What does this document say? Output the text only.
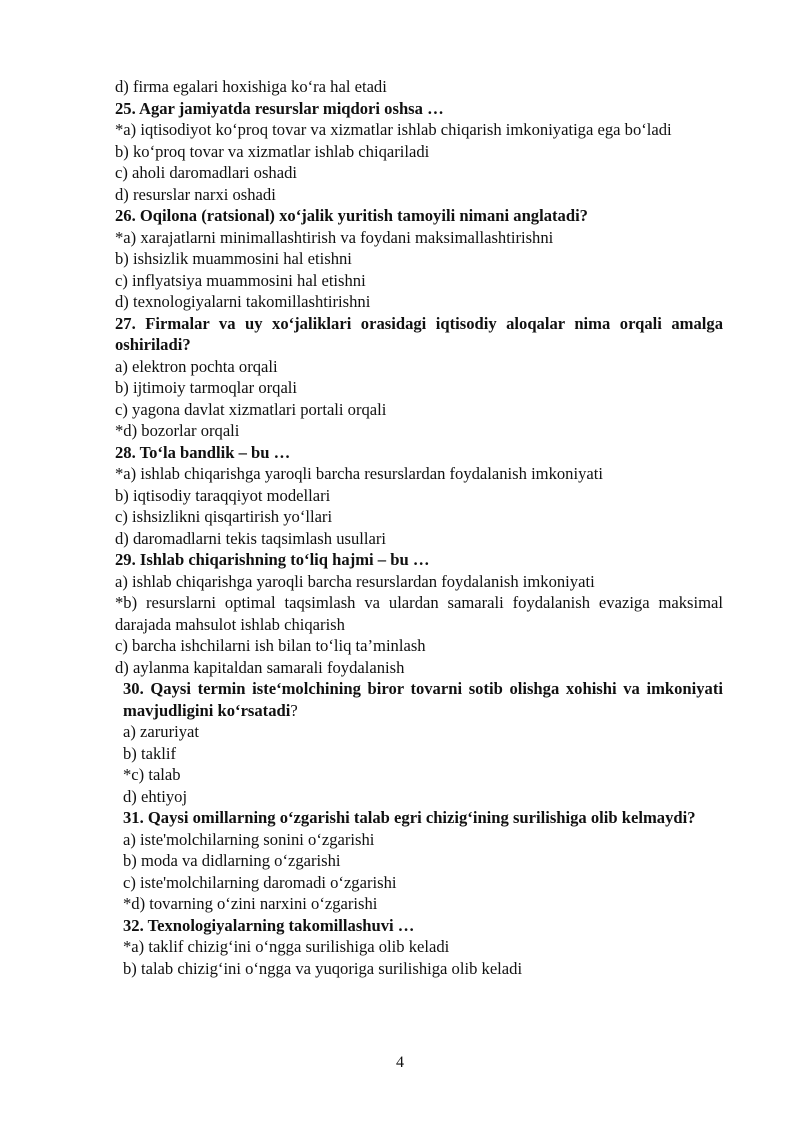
d) firma egalari hoxishiga ko‘ra hal etadi

25. Agar jamiyatda resurslar miqdori oshsa …

*a) iqtisodiyot ko‘proq tovar va xizmatlar ishlab chiqarish imkoniyatiga ega bo‘ladi

b) ko‘proq tovar va xizmatlar ishlab chiqariladi

c) aholi daromadlari oshadi

d) resurslar narxi oshadi

26. Oqilona (ratsional) xo‘jalik yuritish tamoyili nimani anglatadi?

*a) xarajatlarni minimallashtirish va foydani maksimallashtirishni

b) ishsizlik muammosini hal etishni

c) inflyatsiya muammosini hal etishni

d) texnologiyalarni takomillashtirishni

27. Firmalar va uy xo‘jaliklari orasidagi iqtisodiy aloqalar nima orqali amalga oshiriladi?

a) elektron pochta orqali

b) ijtimoiy tarmoqlar orqali

c) yagona davlat xizmatlari portali orqali

*d) bozorlar orqali

28. To‘la bandlik – bu …

*a) ishlab chiqarishga yaroqli barcha resurslardan foydalanish imkoniyati

b) iqtisodiy taraqqiyot modellari

c) ishsizlikni qisqartirish yo‘llari

d) daromadlarni tekis taqsimlash usullari

29. Ishlab chiqarishning to‘liq hajmi – bu …

a) ishlab chiqarishga yaroqli barcha resurslardan foydalanish imkoniyati

*b) resurslarni optimal taqsimlash va ulardan samarali foydalanish evaziga maksimal darajada mahsulot ishlab chiqarish

c) barcha ishchilarni ish bilan to‘liq ta’minlash

d) aylanma kapitaldan samarali foydalanish

30. Qaysi termin iste‘molchining biror tovarni sotib olishga xohishi va imkoniyati mavjudligini ko‘rsatadi?

a) zaruriyat

b) taklif

*c) talab

d) ehtiyoj

31. Qaysi omillarning o‘zgarishi talab egri chizig‘ining surilishiga olib kelmaydi?

a) iste'molchilarning sonini o‘zgarishi

b) moda va didlarning o‘zgarishi

c) iste'molchilarning daromadi o‘zgarishi

*d) tovarning o‘zini narxini o‘zgarishi

32. Texnologiyalarning takomillashuvi …

*a) taklif chizig‘ini o‘ngga surilishiga olib keladi

b) talab chizig‘ini o‘ngga va yuqoriga surilishiga olib keladi

4
